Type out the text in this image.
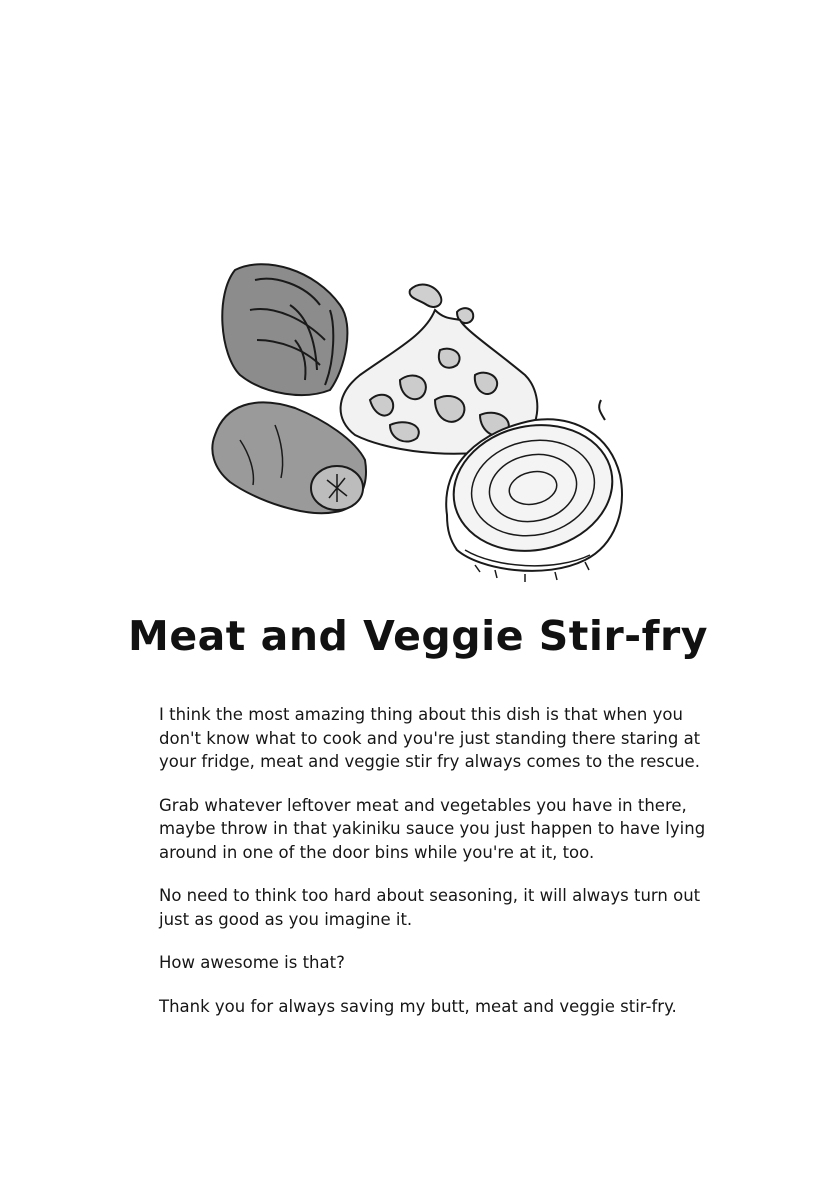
Meat and Veggie Stir-fry

I think the most amazing thing about this dish is that when you don't know what to cook and you're just standing there staring at your fridge, meat and veggie stir fry always comes to the rescue.

Grab whatever leftover meat and vegetables you have in there, maybe throw in that yakiniku sauce you just happen to have lying around in one of the door bins while you're at it, too.

No need to think too hard about seasoning, it will always turn out just as good as you imagine it.

How awesome is that?

Thank you for always saving my butt, meat and veggie stir-fry.
